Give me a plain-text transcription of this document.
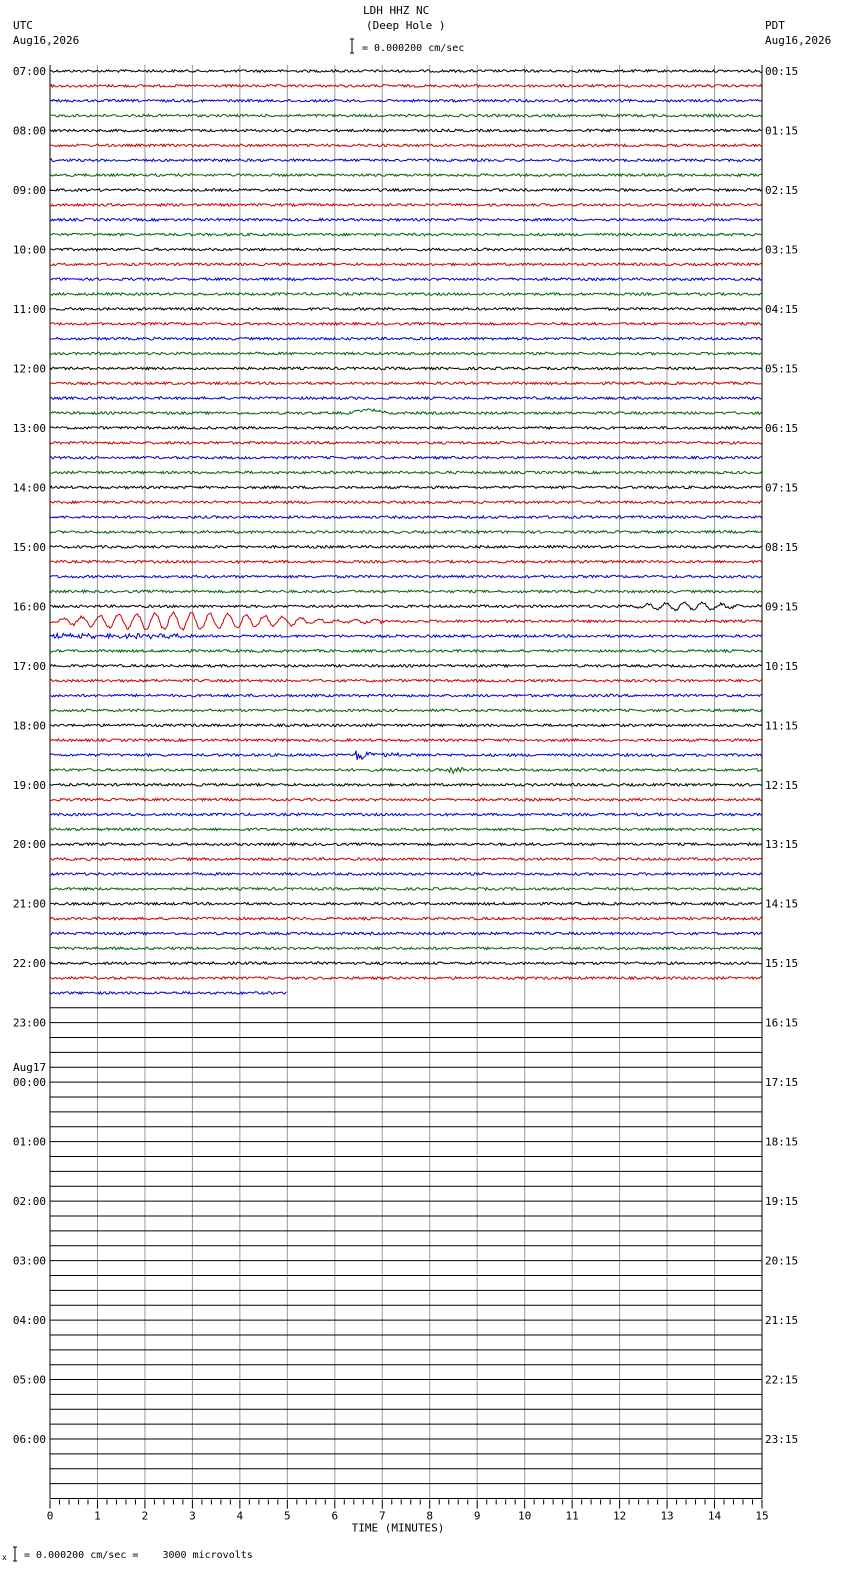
LDH HHZ NC
(Deep Hole )
UTC
Aug16,2026
PDT
Aug16,2026
= 0.000200 cm/sec
x = 0.000200 cm/sec =    3000 microvolts
0	1	2	3	4	5	6	7	8	9	10	11	12	13	14	15
TIME (MINUTES)
07:00
08:00
09:00
10:00
11:00
12:00
13:00
14:00
15:00
16:00
17:00
18:00
19:00
20:00
21:00
22:00
23:00
00:00
Aug17
01:00
02:00
03:00
04:00
05:00
06:00
00:15
01:15
02:15
03:15
04:15
05:15
06:15
07:15
08:15
09:15
10:15
11:15
12:15
13:15
14:15
15:15
16:15
17:15
18:15
19:15
20:15
21:15
22:15
23:15
